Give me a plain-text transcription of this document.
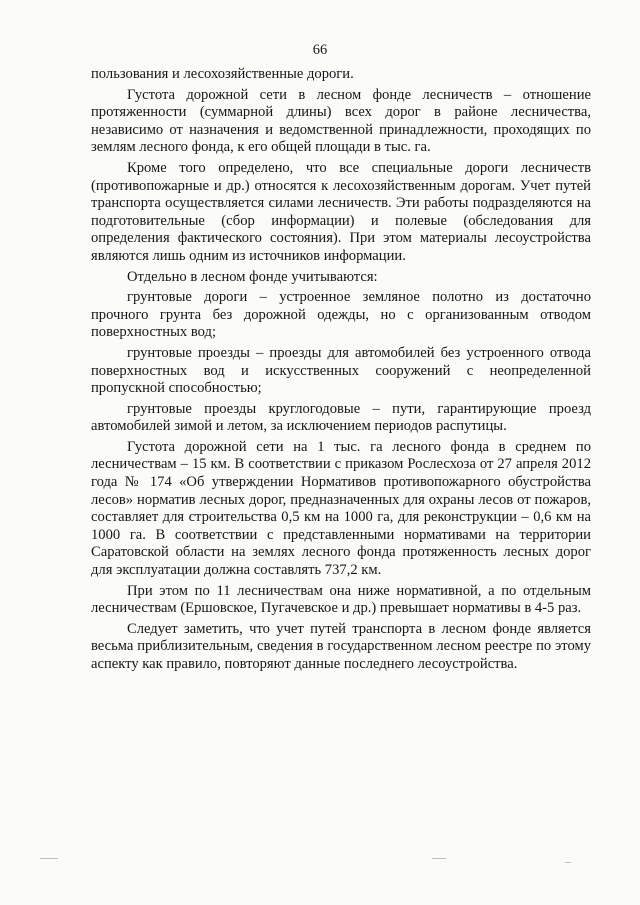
66

пользования и лесохозяйственные дороги.

Густота дорожной сети в лесном фонде лесничеств – отношение протяженности (суммарной длины) всех дорог в районе лесничества, независимо от назначения и ведомственной принадлежности, проходящих по землям лесного фонда, к его общей площади в тыс. га.

Кроме того определено, что все специальные дороги лесничеств (противопожарные и др.) относятся к лесохозяйственным дорогам. Учет путей транспорта осуществляется силами лесничеств. Эти работы подразделяются на подготовительные (сбор информации) и полевые (обследования для определения фактического состояния). При этом материалы лесоустройства являются лишь одним из источников информации.

Отдельно в лесном фонде учитываются:

грунтовые дороги – устроенное земляное полотно из достаточно прочного грунта без дорожной одежды, но с организованным отводом поверхностных вод;

грунтовые проезды – проезды для автомобилей без устроенного отвода поверхностных вод и искусственных сооружений с неопределенной пропускной способностью;

грунтовые проезды круглогодовые – пути, гарантирующие проезд автомобилей зимой и летом, за исключением периодов распутицы.

Густота дорожной сети на 1 тыс. га лесного фонда в среднем по лесничествам – 15 км. В соответствии с приказом Рослесхоза от 27 апреля 2012 года № 174 «Об утверждении Нормативов противопожарного обустройства лесов» норматив лесных дорог, предназначенных для охраны лесов от пожаров, составляет для строительства 0,5 км на 1000 га, для реконструкции – 0,6 км на 1000 га. В соответствии с представленными нормативами на территории Саратовской области на землях лесного фонда протяженность лесных дорог для эксплуатации должна составлять 737,2 км.

При этом по 11 лесничествам она ниже нормативной, а по отдельным лесничествам (Ершовское, Пугачевское и др.) превышает нормативы в 4-5 раз.

Следует заметить, что учет путей транспорта в лесном фонде является весьма приблизительным, сведения в государственном лесном реестре по этому аспекту как правило, повторяют данные последнего лесоустройства.
